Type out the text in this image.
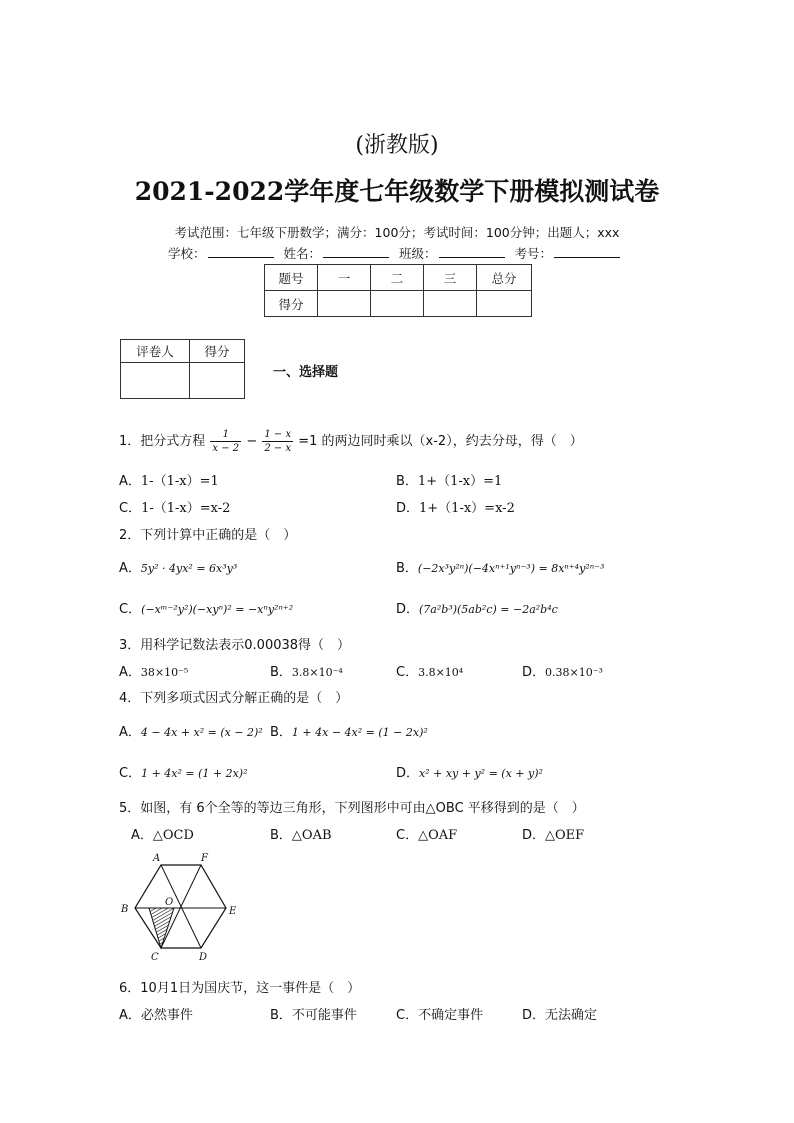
(浙教版)
2021-2022学年度七年级数学下册模拟测试卷
考试范围：七年级下册数学；满分：100分；考试时间：100分钟；出题人；xxx
学校：	姓名：	班级：	考号：
题号	一	二	三	总分
得分				
评卷人	得分

一、选择题
1．把分式方程 $\frac{1}{x - 2} - \frac{1 - x}{2 - x} =1$ 的两边同时乘以（x-2），约去分母，得（　）
A．1-（1-x）=1	B．1+（1-x）=1
C．1-（1-x）=x-2	D．1+（1-x）=x-2
2．下列计算中正确的是（　）
A．5y² · 4yx² = 6x³y³	B．(−2x³y²ⁿ)(−4xⁿ⁺¹yⁿ⁻³) = 8xⁿ⁺⁴y²ⁿ⁻³
C．(−xᵐ⁻²y²)(−xyⁿ)² = −xⁿy²ⁿ⁺²	D．(7a²b³)(5ab²c) = −2a²b⁴c
3．用科学记数法表示0.00038得（　）
A．38×10⁻⁵	B．3.8×10⁻⁴	C．3.8×10⁴	D．0.38×10⁻³
4．下列多项式因式分解正确的是（　）
A．4 − 4x + x² = (x − 2)² B．1 + 4x − 4x² = (1 − 2x)²
C．1 + 4x² = (1 + 2x)²	D．x² + xy + y² = (x + y)²
5．如图，有 6个全等的等边三角形，下列图形中可由△OBC 平移得到的是（　）
A．△OCD	B．△OAB	C．△OAF	D．△OEF
A	F
B
O
E
C	D
6．10月1日为国庆节，这一事件是（　）
A．必然事件	B．不可能事件	C．不确定事件	D．无法确定
